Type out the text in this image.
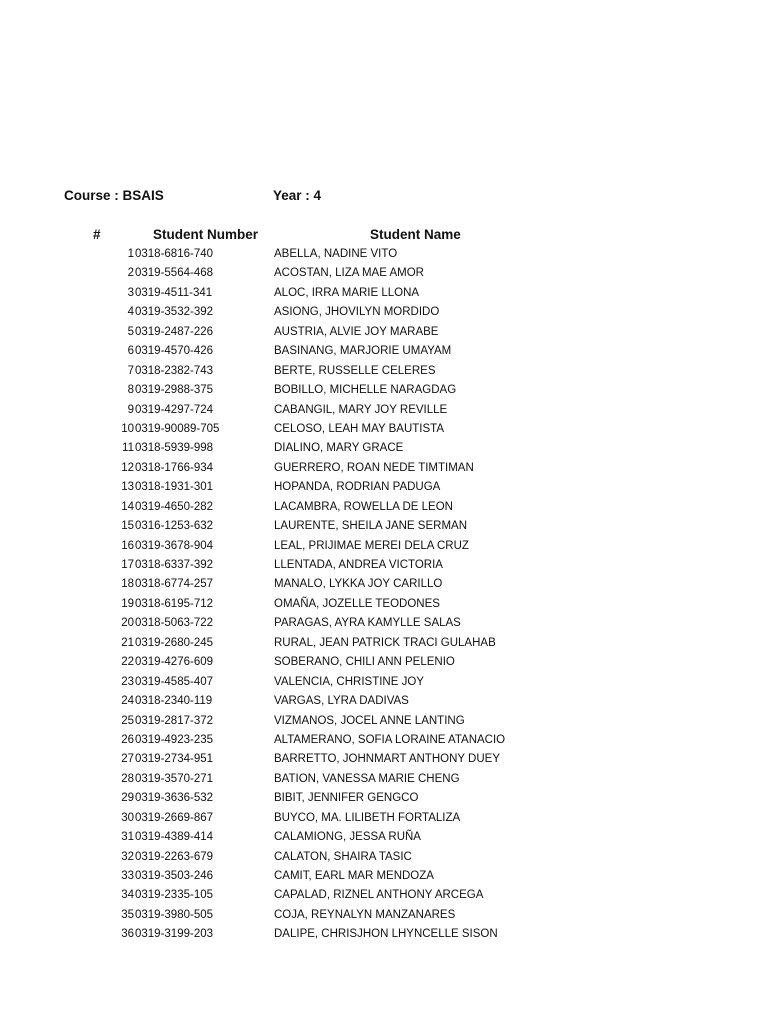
Course : BSAIS	Year : 4
#	Student Number	Student Name
1 0318-6816-740	ABELLA, NADINE VITO
2 0319-5564-468	ACOSTAN, LIZA MAE AMOR
3 0319-4511-341	ALOC, IRRA MARIE LLONA
4 0319-3532-392	ASIONG, JHOVILYN MORDIDO
5 0319-2487-226	AUSTRIA, ALVIE JOY MARABE
6 0319-4570-426	BASINANG, MARJORIE UMAYAM
7 0318-2382-743	BERTE, RUSSELLE CELERES
8 0319-2988-375	BOBILLO, MICHELLE NARAGDAG
9 0319-4297-724	CABANGIL, MARY JOY REVILLE
10 0319-90089-705	CELOSO, LEAH MAY BAUTISTA
11 0318-5939-998	DIALINO, MARY GRACE
12 0318-1766-934	GUERRERO, ROAN NEDE TIMTIMAN
13 0318-1931-301	HOPANDA, RODRIAN PADUGA
14 0319-4650-282	LACAMBRA, ROWELLA DE LEON
15 0316-1253-632	LAURENTE, SHEILA JANE SERMAN
16 0319-3678-904	LEAL, PRIJIMAE MEREI DELA CRUZ
17 0318-6337-392	LLENTADA, ANDREA VICTORIA
18 0318-6774-257	MANALO, LYKKA JOY CARILLO
19 0318-6195-712	OMAÑA, JOZELLE TEODONES
20 0318-5063-722	PARAGAS, AYRA KAMYLLE SALAS
21 0319-2680-245	RURAL, JEAN PATRICK TRACI GULAHAB
22 0319-4276-609	SOBERANO, CHILI ANN PELENIO
23 0319-4585-407	VALENCIA, CHRISTINE JOY
24 0318-2340-119	VARGAS, LYRA DADIVAS
25 0319-2817-372	VIZMANOS, JOCEL ANNE LANTING
26 0319-4923-235	ALTAMERANO, SOFIA LORAINE ATANACIO
27 0319-2734-951	BARRETTO, JOHNMART ANTHONY DUEY
28 0319-3570-271	BATION, VANESSA MARIE CHENG
29 0319-3636-532	BIBIT, JENNIFER GENGCO
30 0319-2669-867	BUYCO, MA. LILIBETH FORTALIZA
31 0319-4389-414	CALAMIONG, JESSA RUÑA
32 0319-2263-679	CALATON, SHAIRA TASIC
33 0319-3503-246	CAMIT, EARL MAR MENDOZA
34 0319-2335-105	CAPALAD, RIZNEL ANTHONY ARCEGA
35 0319-3980-505	COJA, REYNALYN MANZANARES
36 0319-3199-203	DALIPE, CHRISJHON LHYNCELLE SISON
